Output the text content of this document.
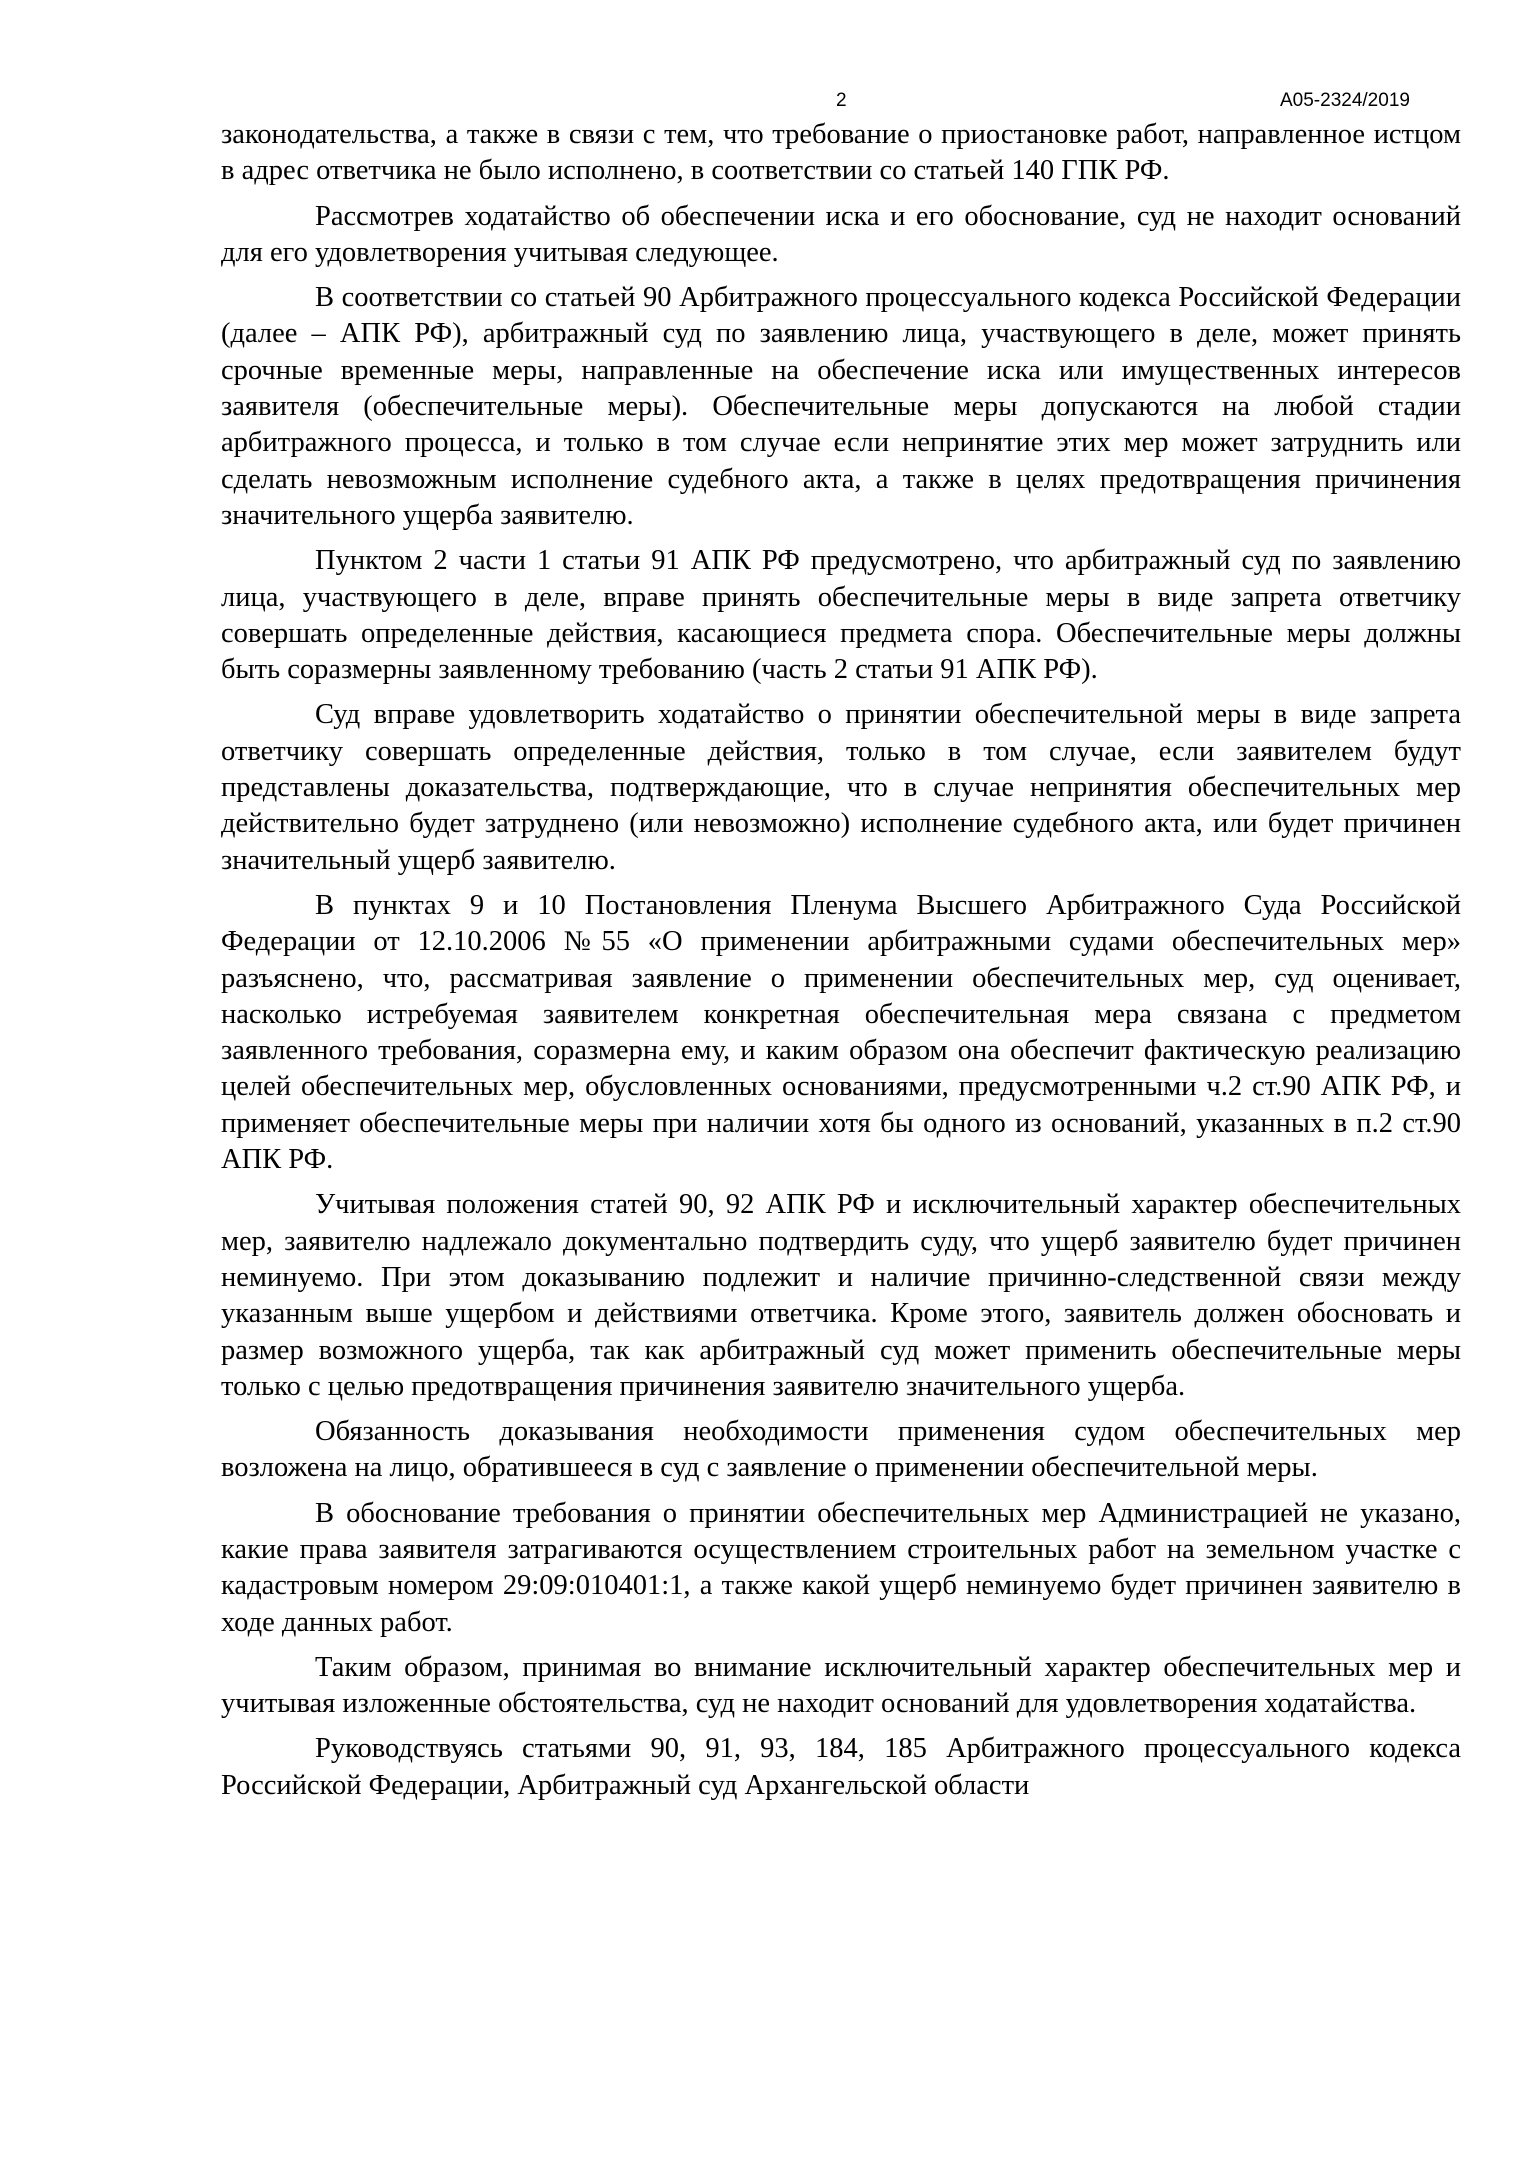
2	А05-2324/2019

законодательства, а также в связи с тем, что требование о приостановке работ, направленное истцом в адрес ответчика не было исполнено, в соответствии со статьей 140 ГПК РФ.

Рассмотрев ходатайство об обеспечении иска и его обоснование, суд не находит оснований для его удовлетворения учитывая следующее.

В соответствии со статьей 90 Арбитражного процессуального кодекса Российской Федерации (далее – АПК РФ), арбитражный суд по заявлению лица, участвующего в деле, может принять срочные временные меры, направленные на обеспечение иска или имущественных интересов заявителя (обеспечительные меры). Обеспечительные меры допускаются на любой стадии арбитражного процесса, и только в том случае если непринятие этих мер может затруднить или сделать невозможным исполнение судебного акта, а также в целях предотвращения причинения значительного ущерба заявителю.

Пунктом 2 части 1 статьи 91 АПК РФ предусмотрено, что арбитражный суд по заявлению лица, участвующего в деле, вправе принять обеспечительные меры в виде запрета ответчику совершать определенные действия, касающиеся предмета спора. Обеспечительные меры должны быть соразмерны заявленному требованию (часть 2 статьи 91 АПК РФ).

Суд вправе удовлетворить ходатайство о принятии обеспечительной меры в виде запрета ответчику совершать определенные действия, только в том случае, если заявителем будут представлены доказательства, подтверждающие, что в случае непринятия обеспечительных мер действительно будет затруднено (или невозможно) исполнение судебного акта, или будет причинен значительный ущерб заявителю.

В пунктах 9 и 10 Постановления Пленума Высшего Арбитражного Суда Российской Федерации от 12.10.2006 №55 «О применении арбитражными судами обеспечительных мер» разъяснено, что, рассматривая заявление о применении обеспечительных мер, суд оценивает, насколько истребуемая заявителем конкретная обеспечительная мера связана с предметом заявленного требования, соразмерна ему, и каким образом она обеспечит фактическую реализацию целей обеспечительных мер, обусловленных основаниями, предусмотренными ч.2 ст.90 АПК РФ, и применяет обеспечительные меры при наличии хотя бы одного из оснований, указанных в п.2 ст.90 АПК РФ.

Учитывая положения статей 90, 92 АПК РФ и исключительный характер обеспечительных мер, заявителю надлежало документально подтвердить суду, что ущерб заявителю будет причинен неминуемо. При этом доказыванию подлежит и наличие причинно-следственной связи между указанным выше ущербом и действиями ответчика. Кроме этого, заявитель должен обосновать и размер возможного ущерба, так как арбитражный суд может применить обеспечительные меры только с целью предотвращения причинения заявителю значительного ущерба.

Обязанность доказывания необходимости применения судом обеспечительных мер возложена на лицо, обратившееся в суд с заявление о применении обеспечительной меры.

В обоснование требования о принятии обеспечительных мер Администрацией не указано, какие права заявителя затрагиваются осуществлением строительных работ на земельном участке с кадастровым номером 29:09:010401:1, а также какой ущерб неминуемо будет причинен заявителю в ходе данных работ.

Таким образом, принимая во внимание исключительный характер обеспечительных мер и учитывая изложенные обстоятельства, суд не находит оснований для удовлетворения ходатайства.

Руководствуясь статьями 90, 91, 93, 184, 185 Арбитражного процессуального кодекса Российской Федерации, Арбитражный суд Архангельской области
